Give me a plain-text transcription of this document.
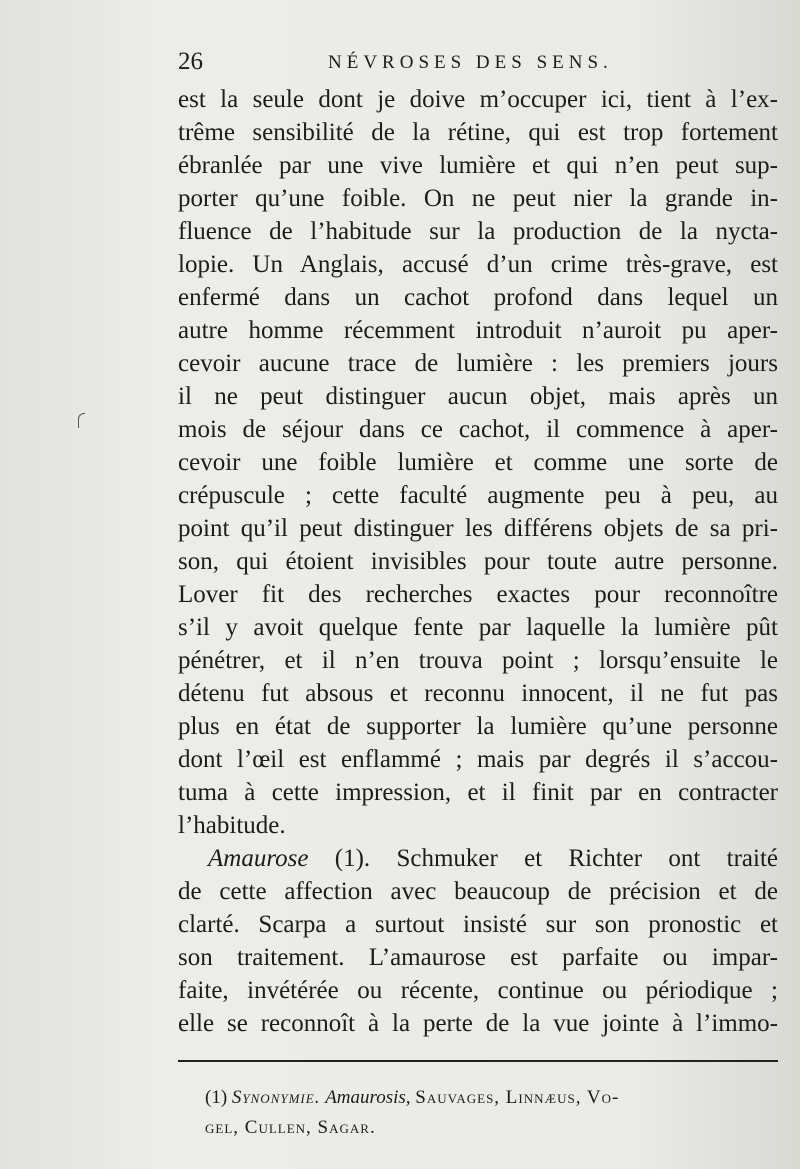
26	NÉVROSES DES SENS.
est la seule dont je doive m’occuper ici, tient à l’ex-
trême sensibilité de la rétine, qui est trop fortement
ébranlée par une vive lumière et qui n’en peut sup-
porter qu’une foible. On ne peut nier la grande in-
fluence de l’habitude sur la production de la nycta-
lopie. Un Anglais, accusé d’un crime très-grave, est
enfermé dans un cachot profond dans lequel un
autre homme récemment introduit n’auroit pu aper-
cevoir aucune trace de lumière : les premiers jours
il ne peut distinguer aucun objet, mais après un
mois de séjour dans ce cachot, il commence à aper-
cevoir une foible lumière et comme une sorte de
crépuscule ; cette faculté augmente peu à peu, au
point qu’il peut distinguer les différens objets de sa pri-
son, qui étoient invisibles pour toute autre personne.
Lover fit des recherches exactes pour reconnoître
s’il y avoit quelque fente par laquelle la lumière pût
pénétrer, et il n’en trouva point ; lorsqu’ensuite le
détenu fut absous et reconnu innocent, il ne fut pas
plus en état de supporter la lumière qu’une personne
dont l’œil est enflammé ; mais par degrés il s’accou-
tuma à cette impression, et il finit par en contracter
l’habitude.
Amaurose (1). Schmuker et Richter ont traité
de cette affection avec beaucoup de précision et de
clarté. Scarpa a surtout insisté sur son pronostic et
son traitement. L’amaurose est parfaite ou impar-
faite, invétérée ou récente, continue ou périodique ;
elle se reconnoît à la perte de la vue jointe à l’immo-
(1) Synonymie. Amaurosis, Sauvages, Linnæus, Vo-
gel, Cullen, Sagar.
